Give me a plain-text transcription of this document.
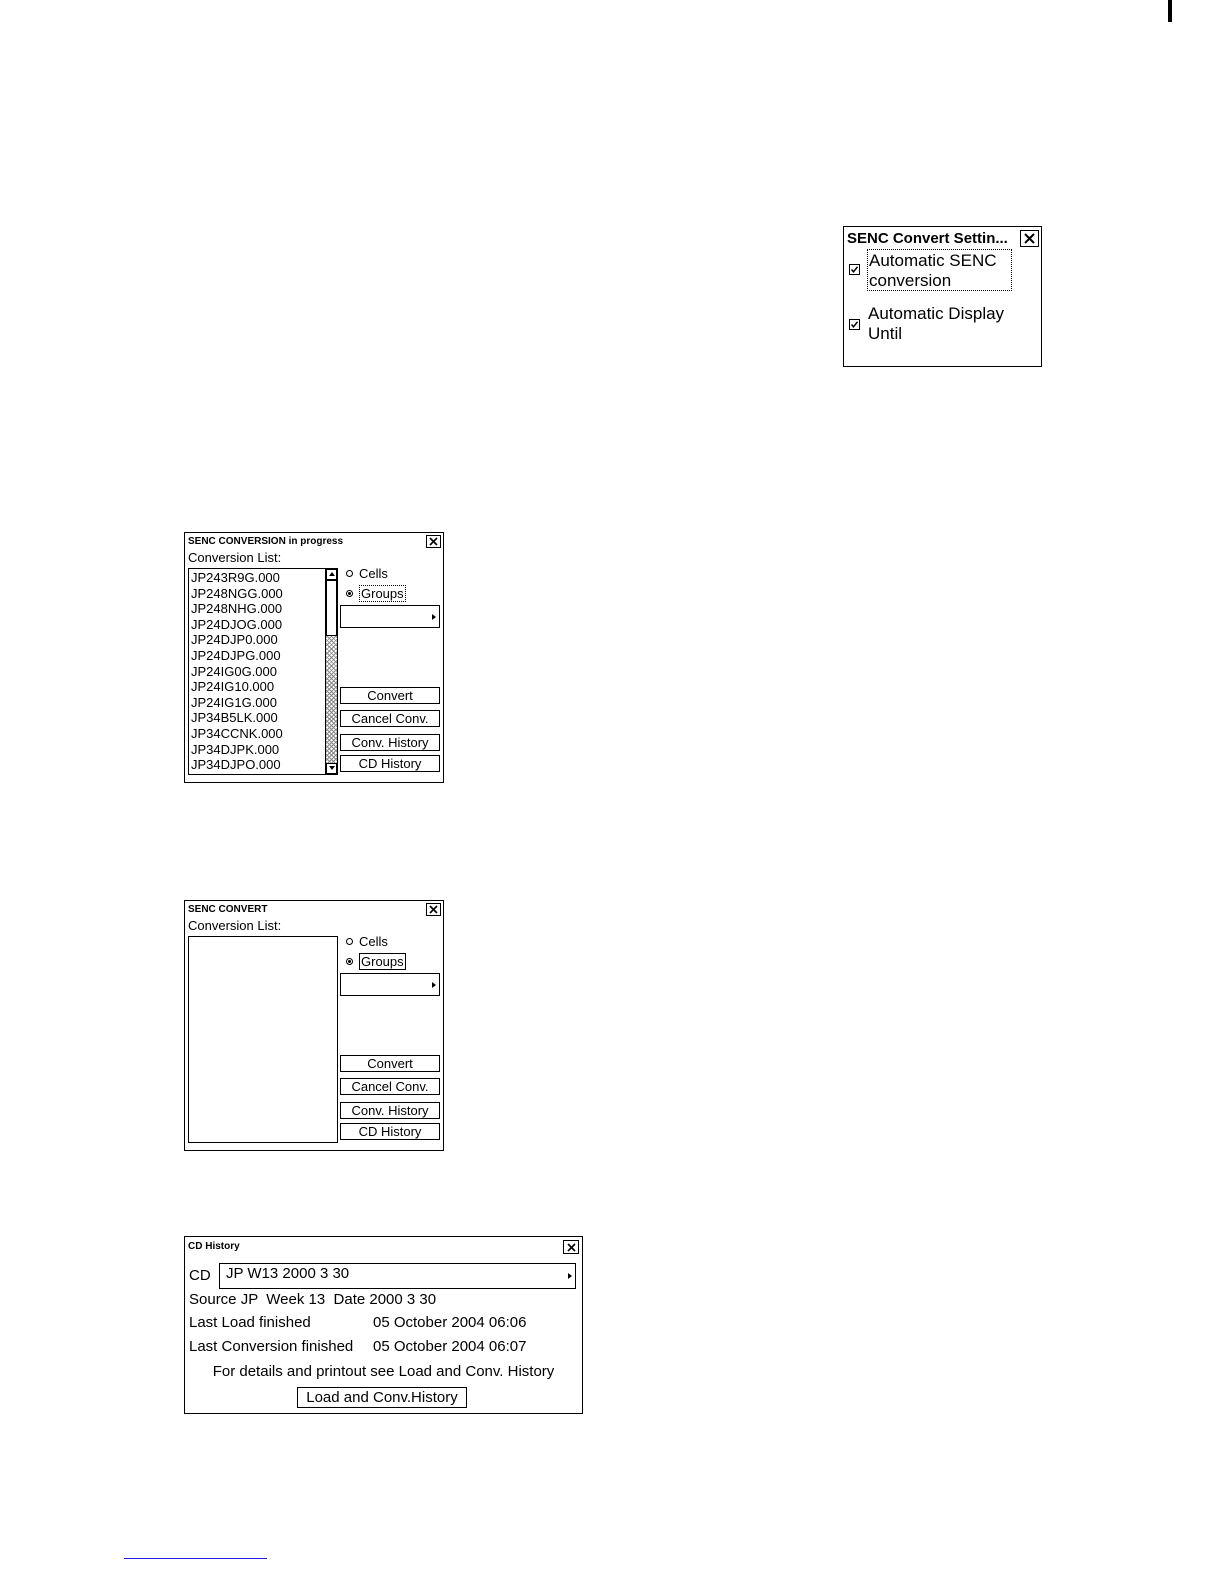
SENC Convert Settin...
Automatic SENC
conversion
Automatic Display
Until
SENC CONVERSION in progress
Conversion List:
JP243R9G.000
JP248NGG.000
JP248NHG.000
JP24DJOG.000
JP24DJP0.000
JP24DJPG.000
JP24IG0G.000
JP24IG10.000
JP24IG1G.000
JP34B5LK.000
JP34CCNK.000
JP34DJPK.000
JP34DJPO.000
Cells
Groups
Convert
Cancel Conv.
Conv. History
CD History
SENC CONVERT
Conversion List:
Cells
Groups
Convert
Cancel Conv.
Conv. History
CD History
CD History
CD JP W13 2000 3 30
Source JP  Week 13  Date 2000 3 30
Last Load finished	05 October 2004 06:06
Last Conversion finished 05 October 2004 06:07
For details and printout see Load and Conv. History
Load and Conv.History
